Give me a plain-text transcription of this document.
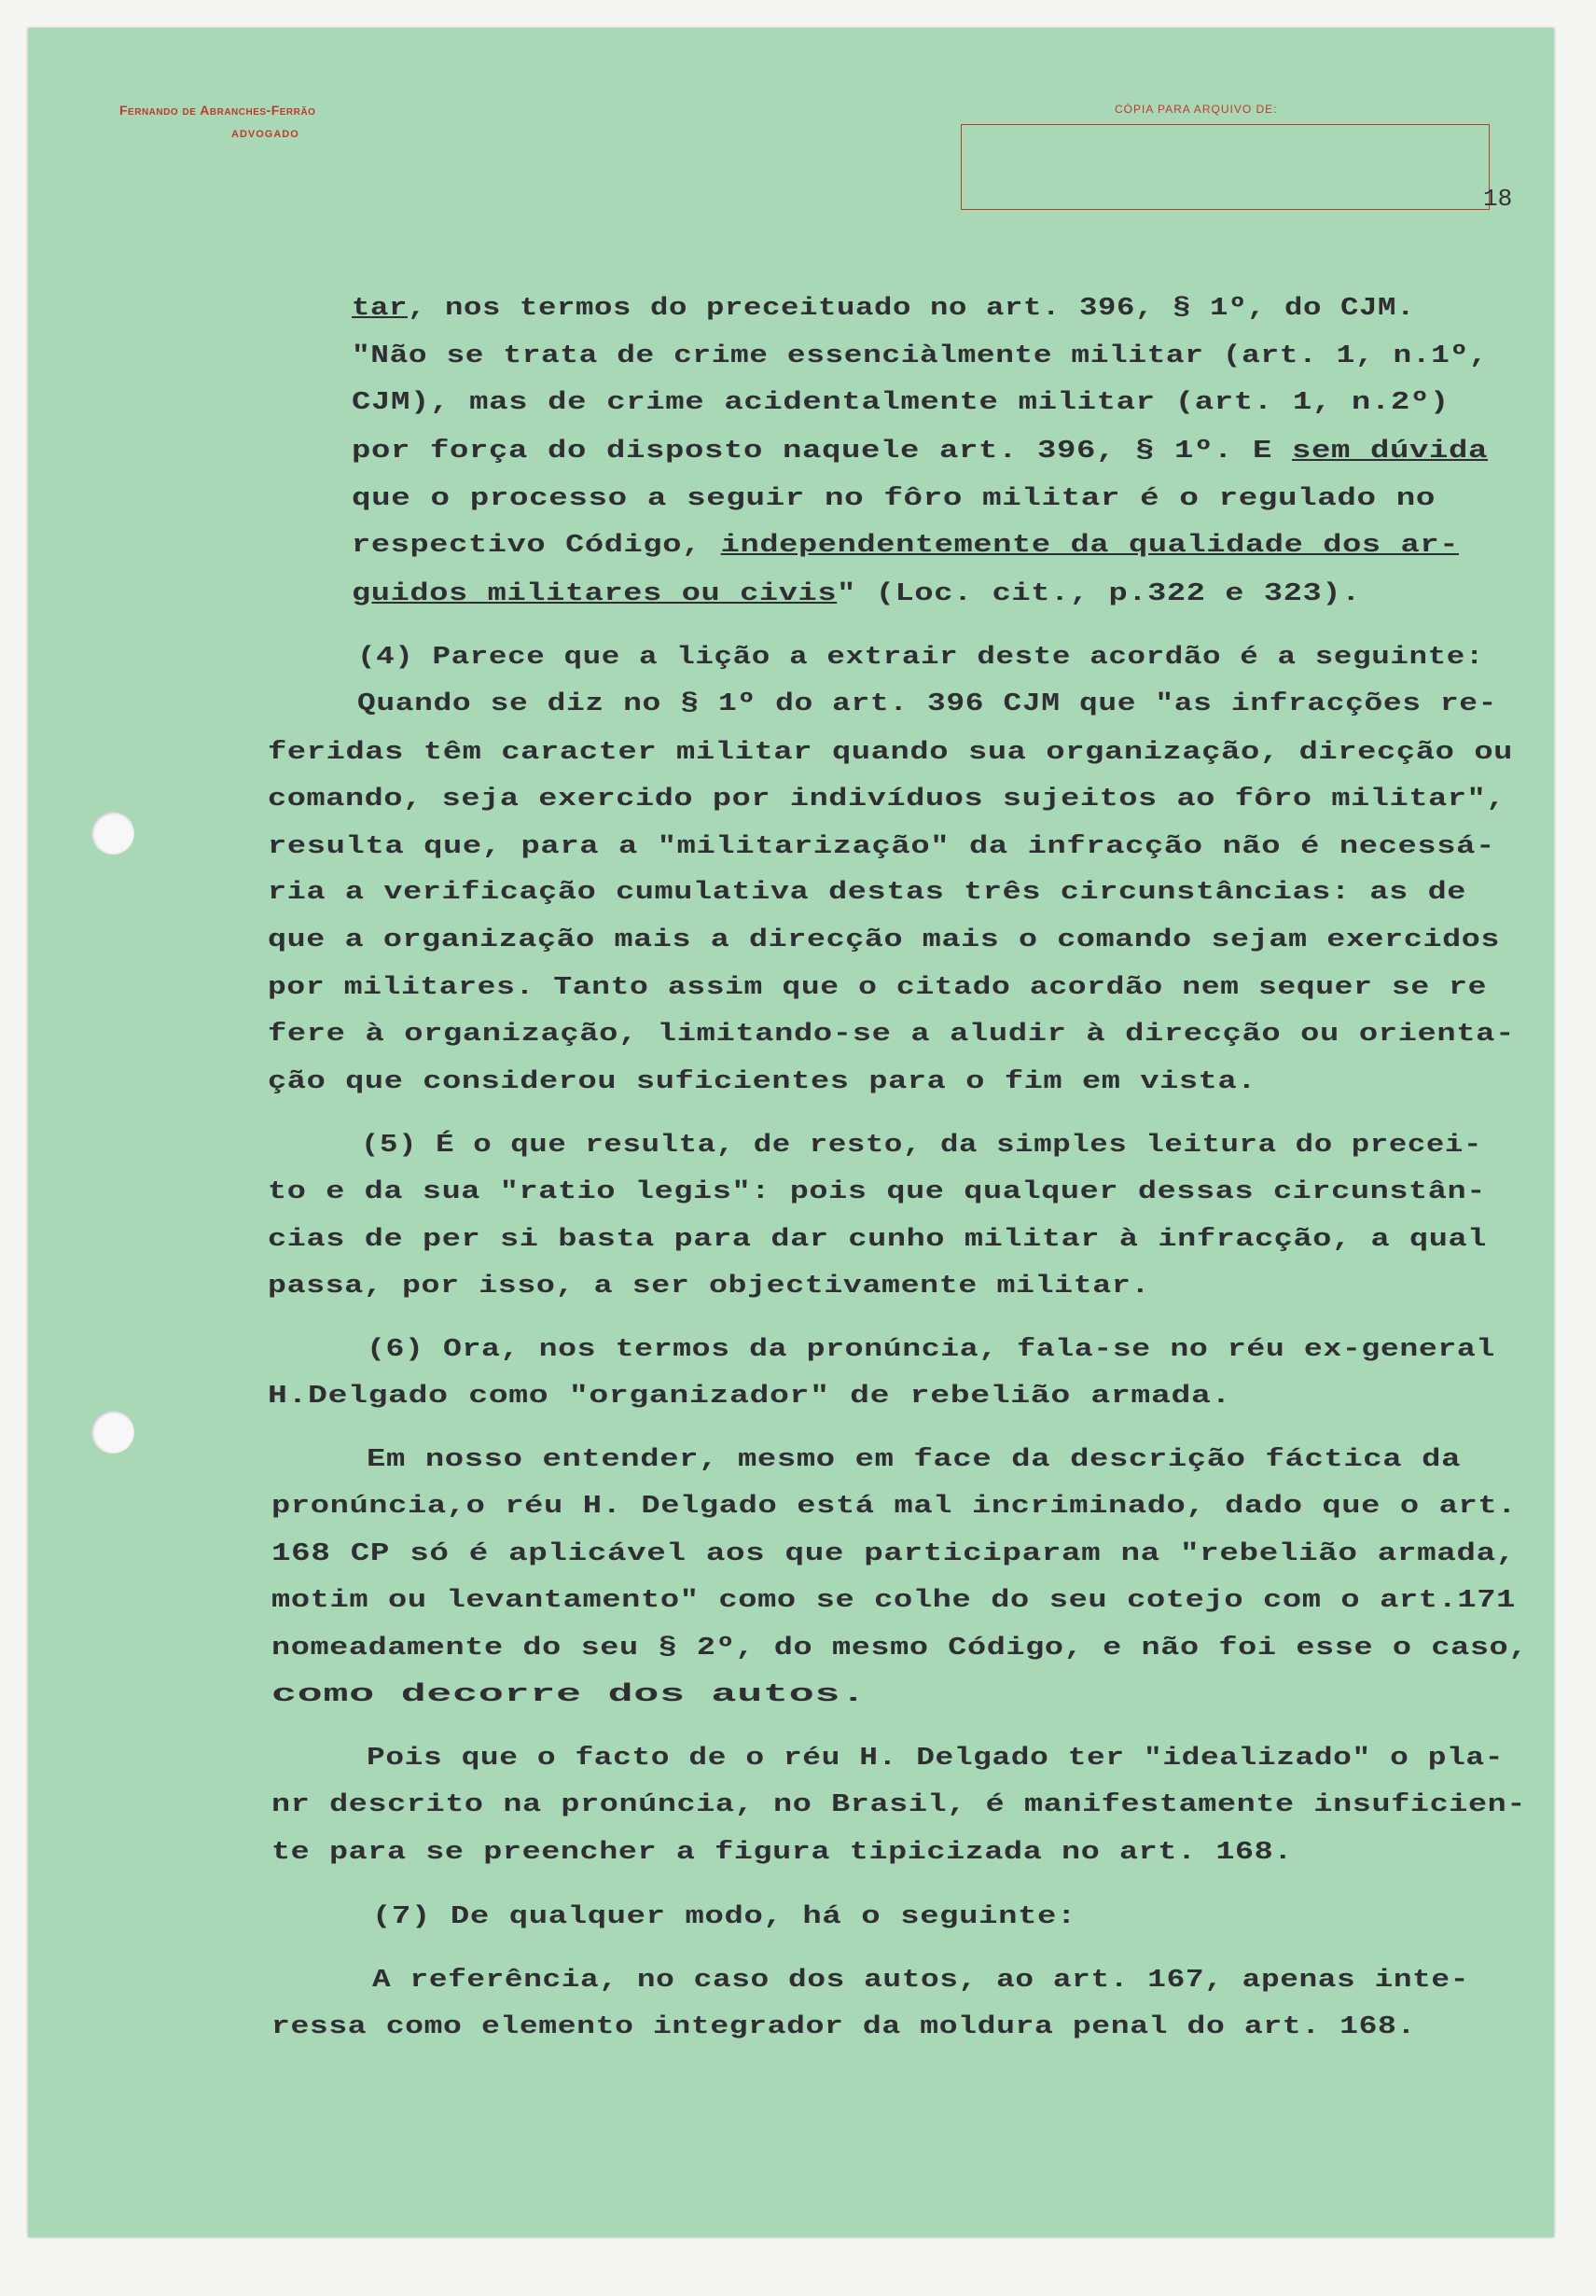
Fernando de Abranches-Ferrão
ADVOGADO
CÓPIA PARA ARQUIVO DE:
18
tar, nos termos do preceituado no art. 396, § 1º, do CJM.
"Não se trata de crime essenciàlmente militar (art. 1, n.1º,
CJM), mas de crime acidentalmente militar (art. 1, n.2º)
por força do disposto naquele art. 396, § 1º. E sem dúvida
que o processo a seguir no fôro militar é o regulado no
respectivo Código, independentemente da qualidade dos ar-
guidos militares ou civis" (Loc. cit., p.322 e 323).
(4) Parece que a lição a extrair deste acordão é a seguinte:
Quando se diz no § 1º do art. 396 CJM que "as infracções re-
feridas têm caracter militar quando sua organização, direcção ou
comando, seja exercido por indivíduos sujeitos ao fôro militar",
resulta que, para a "militarização" da infracção não é necessá-
ria a verificação cumulativa destas três circunstâncias: as de
que a organização mais a direcção mais o comando sejam exercidos
por militares. Tanto assim que o citado acordão nem sequer se re
fere à organização, limitando-se a aludir à direcção ou orienta-
ção que considerou suficientes para o fim em vista.
(5) É o que resulta, de resto, da simples leitura do precei-
to e da sua "ratio legis": pois que qualquer dessas circunstân-
cias de per si basta para dar cunho militar à infracção, a qual
passa, por isso, a ser objectivamente militar.
(6) Ora, nos termos da pronúncia, fala-se no réu ex-general
H.Delgado como "organizador" de rebelião armada.
Em nosso entender, mesmo em face da descrição fáctica da
pronúncia,o réu H. Delgado está mal incriminado, dado que o art.
168 CP só é aplicável aos que participaram na "rebelião armada,
motim ou levantamento" como se colhe do seu cotejo com o art.171
nomeadamente do seu § 2º, do mesmo Código, e não foi esse o caso,
como decorre dos autos.
Pois que o facto de o réu H. Delgado ter "idealizado" o pla-
nr descrito na pronúncia, no Brasil, é manifestamente insuficien-
te para se preencher a figura tipicizada no art. 168.
(7) De qualquer modo, há o seguinte:
A referência, no caso dos autos, ao art. 167, apenas inte-
ressa como elemento integrador da moldura penal do art. 168.
